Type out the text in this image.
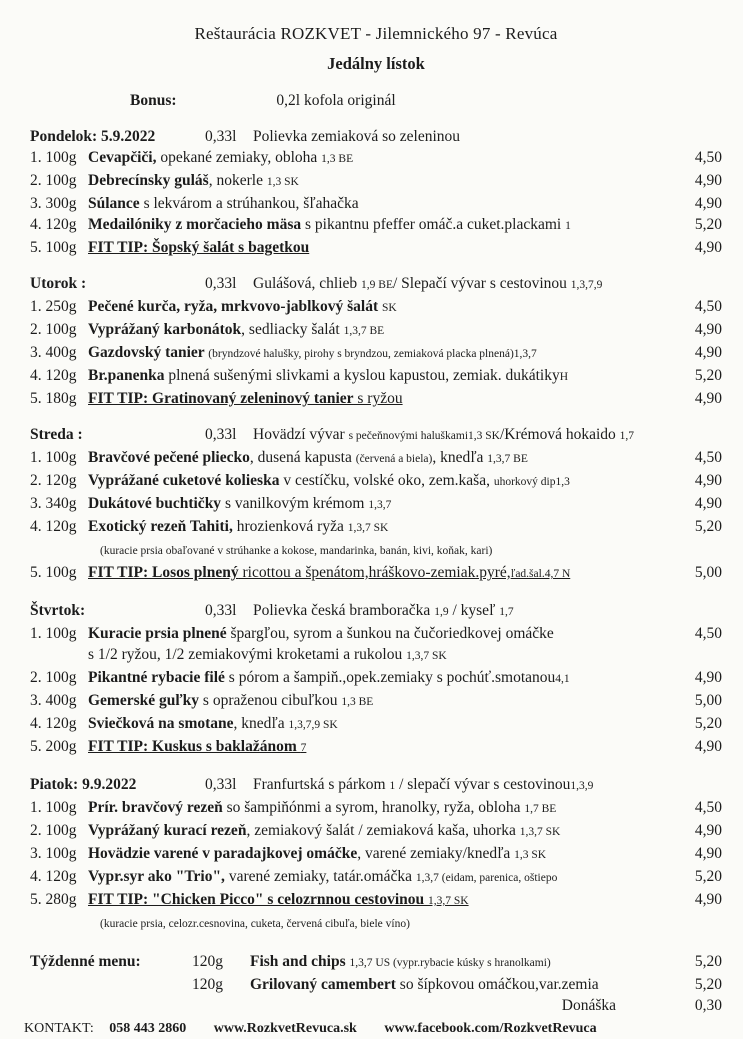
Reštaurácia ROZKVET - Jilemnického 97 - Revúca
Jedálny lístok
Bonus:	0,2l kofola originál
Pondelok: 5.9.2022	0,33l	Polievka zemiaková so zeleninou
1. 100g Cevapčiči, opekané zemiaky, obloha 1,3 BE	4,50
2. 100g Debrecínsky guláš, nokerle 1,3 SK	4,90
3. 300g Súlance s lekvárom a strúhankou, šľahačka	4,90
4. 120g Medailóniky z morčacieho mäsa s pikantnu pfeffer omáč.a cuket.plackami 1	5,20
5. 100g FIT TIP: Šopský šalát s bagetkou	4,90
Utorok :	0,33l	Gulášová, chlieb 1,9 BE/ Slepačí vývar s cestovinou 1,3,7,9
1. 250g Pečené kurča, ryža, mrkvovo-jablkový šalát SK	4,50
2. 100g Vyprážaný karbonátok, sedliacky šalát 1,3,7 BE	4,90
3. 400g Gazdovský tanier (bryndzové halušky, pirohy s bryndzou, zemiaková placka plnená)1,3,7	4,90
4. 120g Br.panenka plnená sušenými slivkami a kyslou kapustou, zemiak. dukátikyH	5,20
5. 180g FIT TIP: Gratinovaný zeleninový tanier s ryžou	4,90
Streda :	0,33l	Hovädzí vývar s pečeňnovými haluškami1,3 SK/Krémová hokaido 1,7
1. 100g Bravčové pečené pliecko, dusená kapusta (červená a biela), knedľa 1,3,7 BE	4,50
2. 120g Vyprážané cuketové kolieska v cestíčku, volské oko, zem.kaša, uhorkový dip1,3	4,90
3. 340g Dukátové buchtičky s vanilkovým krémom 1,3,7	4,90
4. 120g Exotický rezeň Tahiti, hrozienková ryža 1,3,7 SK	5,20
(kuracie prsia obaľované v strúhanke a kokose, mandarinka, banán, kivi, koňak, kari)
5. 100g FIT TIP: Losos plnený ricottou a špenátom,hráškovo-zemiak.pyré,ľad.šal.4,7 N	5,00
Štvrtok:	0,33l	Polievka česká bramboračka 1,9 / kyseľ 1,7
1. 100g Kuracie prsia plnené špargľou, syrom a šunkou na čučoriedkovej omáčke	4,50
s 1/2 ryžou, 1/2 zemiakovými kroketami a rukolou 1,3,7 SK
2. 100g Pikantné rybacie filé s pórom a šampiň.,opek.zemiaky s pochúť.smotanou4,1	4,90
3. 400g Gemerské guľky s opraženou cibuľkou 1,3 BE	5,00
4. 120g Sviečková na smotane, knedľa 1,3,7,9 SK	5,20
5. 200g FIT TIP: Kuskus s baklažánom 7	4,90
Piatok: 9.9.2022	0,33l	Franfurtská s párkom 1 / slepačí vývar s cestovinou1,3,9
1. 100g Prír. bravčový rezeň so šampiňónmi a syrom, hranolky, ryža, obloha 1,7 BE	4,50
2. 100g Vyprážaný kurací rezeň, zemiakový šalát / zemiaková kaša, uhorka 1,3,7 SK	4,90
3. 100g Hovädzie varené v paradajkovej omáčke, varené zemiaky/knedľa 1,3 SK	4,90
4. 120g Vypr.syr ako "Trio", varené zemiaky, tatár.omáčka 1,3,7 (eidam, parenica, oštiepo	5,20
5. 280g FIT TIP: "Chicken Picco" s celozrnnou cestovinou 1,3,7 SK	4,90
(kuracie prsia, celozr.cesnovina, cuketa, červená cibuľa, biele víno)
Týždenné menu:	120g	Fish and chips 1,3,7 US (vypr.rybacie kúsky s hranolkami)	5,20
120g	Grilovaný camembert so šípkovou omáčkou,var.zemia	5,20
Donáška	0,30
KONTAKT: 058 443 2860 www.RozkvetRevuca.sk www.facebook.com/RozkvetRevuca
